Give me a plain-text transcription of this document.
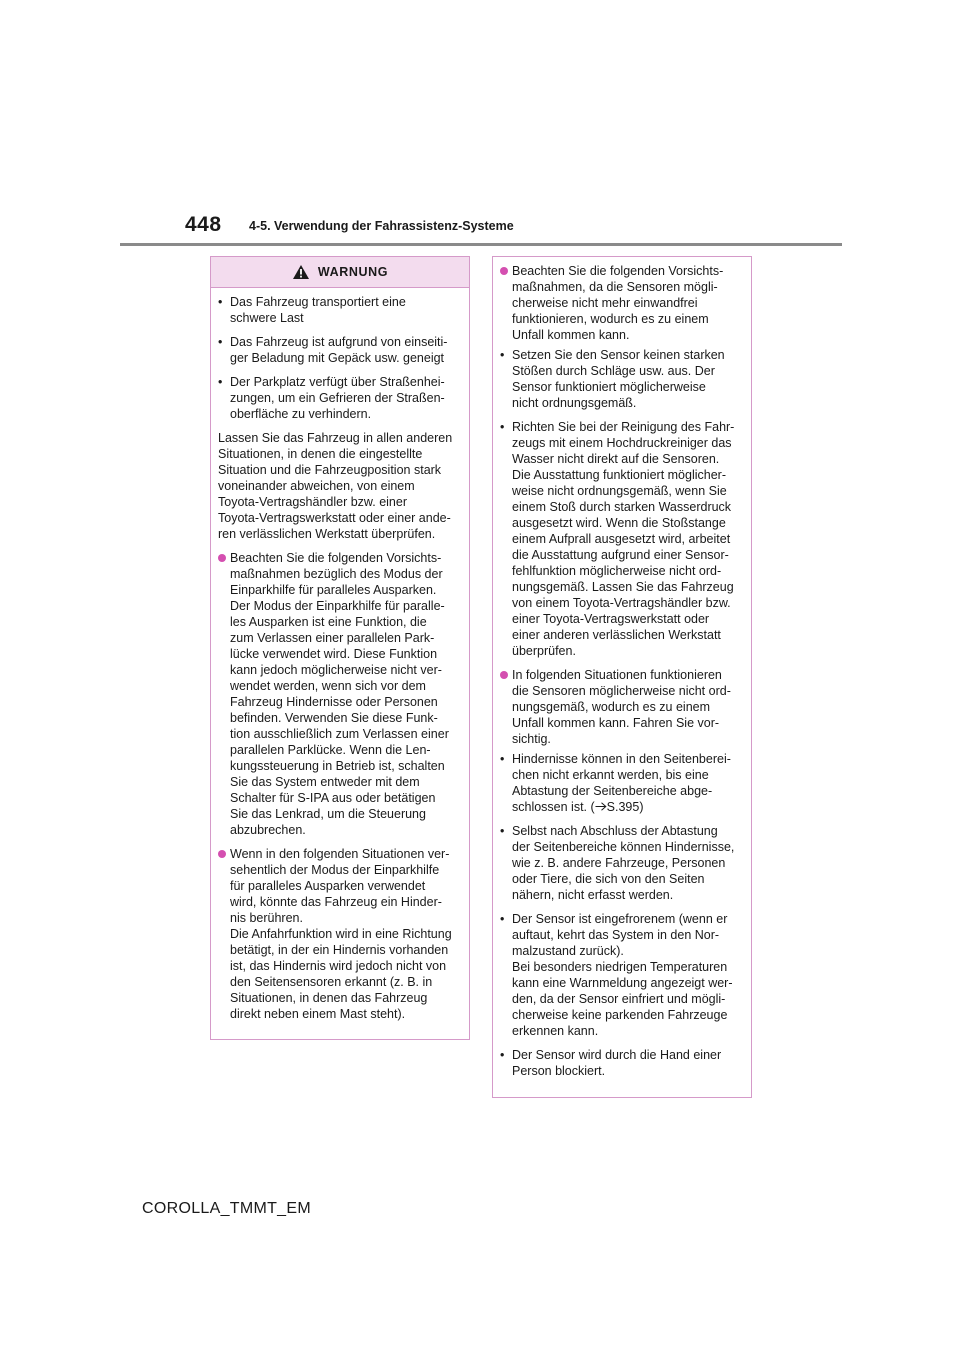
448 4-5. Verwendung der Fahrassistenz-Systeme
WARNUNG
• Das Fahrzeug transportiert eine
schwere Last
• Das Fahrzeug ist aufgrund von einseiti-
ger Beladung mit Gepäck usw. geneigt
• Der Parkplatz verfügt über Straßenhei-
zungen, um ein Gefrieren der Straßen-
oberfläche zu verhindern.
Lassen Sie das Fahrzeug in allen anderen
Situationen, in denen die eingestellte
Situation und die Fahrzeugposition stark
voneinander abweichen, von einem
Toyota-Vertragshändler bzw. einer
Toyota-Vertragswerkstatt oder einer ande-
ren verlässlichen Werkstatt überprüfen.
Beachten Sie die folgenden Vorsichts-
maßnahmen bezüglich des Modus der
Einparkhilfe für paralleles Ausparken.
Der Modus der Einparkhilfe für paralle-
les Ausparken ist eine Funktion, die
zum Verlassen einer parallelen Park-
lücke verwendet wird. Diese Funktion
kann jedoch möglicherweise nicht ver-
wendet werden, wenn sich vor dem
Fahrzeug Hindernisse oder Personen
befinden. Verwenden Sie diese Funk-
tion ausschließlich zum Verlassen einer
parallelen Parklücke. Wenn die Len-
kungssteuerung in Betrieb ist, schalten
Sie das System entweder mit dem
Schalter für S-IPA aus oder betätigen
Sie das Lenkrad, um die Steuerung
abzubrechen.
Wenn in den folgenden Situationen ver-
sehentlich der Modus der Einparkhilfe
für paralleles Ausparken verwendet
wird, könnte das Fahrzeug ein Hinder-
nis berühren.
Die Anfahrfunktion wird in eine Richtung
betätigt, in der ein Hindernis vorhanden
ist, das Hindernis wird jedoch nicht von
den Seitensensoren erkannt (z. B. in
Situationen, in denen das Fahrzeug
direkt neben einem Mast steht).
Beachten Sie die folgenden Vorsichts-
maßnahmen, da die Sensoren mögli-
cherweise nicht mehr einwandfrei
funktionieren, wodurch es zu einem
Unfall kommen kann.
• Setzen Sie den Sensor keinen starken
Stößen durch Schläge usw. aus. Der
Sensor funktioniert möglicherweise
nicht ordnungsgemäß.
• Richten Sie bei der Reinigung des Fahr-
zeugs mit einem Hochdruckreiniger das
Wasser nicht direkt auf die Sensoren.
Die Ausstattung funktioniert möglicher-
weise nicht ordnungsgemäß, wenn Sie
einem Stoß durch starken Wasserdruck
ausgesetzt wird. Wenn die Stoßstange
einem Aufprall ausgesetzt wird, arbeitet
die Ausstattung aufgrund einer Sensor-
fehlfunktion möglicherweise nicht ord-
nungsgemäß. Lassen Sie das Fahrzeug
von einem Toyota-Vertragshändler bzw.
einer Toyota-Vertragswerkstatt oder
einer anderen verlässlichen Werkstatt
überprüfen.
In folgenden Situationen funktionieren
die Sensoren möglicherweise nicht ord-
nungsgemäß, wodurch es zu einem
Unfall kommen kann. Fahren Sie vor-
sichtig.
• Hindernisse können in den Seitenberei-
chen nicht erkannt werden, bis eine
Abtastung der Seitenbereiche abge-
schlossen ist. ( S.395)
• Selbst nach Abschluss der Abtastung
der Seitenbereiche können Hindernisse,
wie z. B. andere Fahrzeuge, Personen
oder Tiere, die sich von den Seiten
nähern, nicht erfasst werden.
• Der Sensor ist eingefrorenem (wenn er
auftaut, kehrt das System in den Nor-
malzustand zurück).
Bei besonders niedrigen Temperaturen
kann eine Warnmeldung angezeigt wer-
den, da der Sensor einfriert und mögli-
cherweise keine parkenden Fahrzeuge
erkennen kann.
• Der Sensor wird durch die Hand einer
Person blockiert.
COROLLA_TMMT_EM
